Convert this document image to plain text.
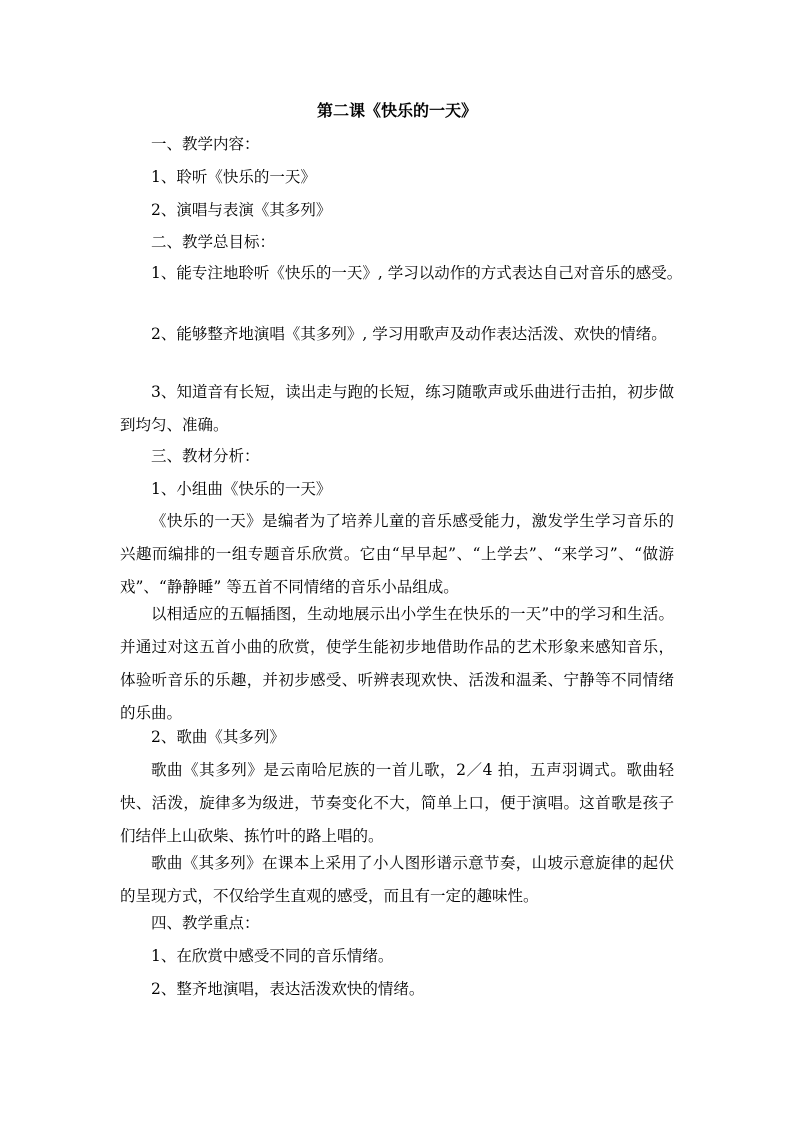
第二课《快乐的一天》
一、教学内容：
1、聆听《快乐的一天》
2、演唱与表演《其多列》
二、教学总目标：
1、能专注地聆听《快乐的一天》, 学习以动作的方式表达自己对音乐的感受。
2、能够整齐地演唱《其多列》, 学习用歌声及动作表达活泼、欢快的情绪。
3、知道音有长短，读出走与跑的长短，练习随歌声或乐曲进行击拍，初步做到均匀、准确。
三、教材分析：
1、小组曲《快乐的一天》
《快乐的一天》是编者为了培养儿童的音乐感受能力，激发学生学习音乐的兴趣而编排的一组专题音乐欣赏。它由“早早起”、“上学去”、“来学习”、“做游戏”、“静静睡” 等五首不同情绪的音乐小品组成。
以相适应的五幅插图，生动地展示出小学生在快乐的一天”中的学习和生活。并通过对这五首小曲的欣赏，使学生能初步地借助作品的艺术形象来感知音乐，体验听音乐的乐趣，并初步感受、听辨表现欢快、活泼和温柔、宁静等不同情绪的乐曲。
2、歌曲《其多列》
歌曲《其多列》是云南哈尼族的一首儿歌，2／4 拍，五声羽调式。歌曲轻快、活泼，旋律多为级进，节奏变化不大，简单上口，便于演唱。这首歌是孩子们结伴上山砍柴、拣竹叶的路上唱的。
歌曲《其多列》在课本上采用了小人图形谱示意节奏，山坡示意旋律的起伏的呈现方式，不仅给学生直观的感受，而且有一定的趣味性。
四、教学重点：
1、在欣赏中感受不同的音乐情绪。
2、整齐地演唱，表达活泼欢快的情绪。
